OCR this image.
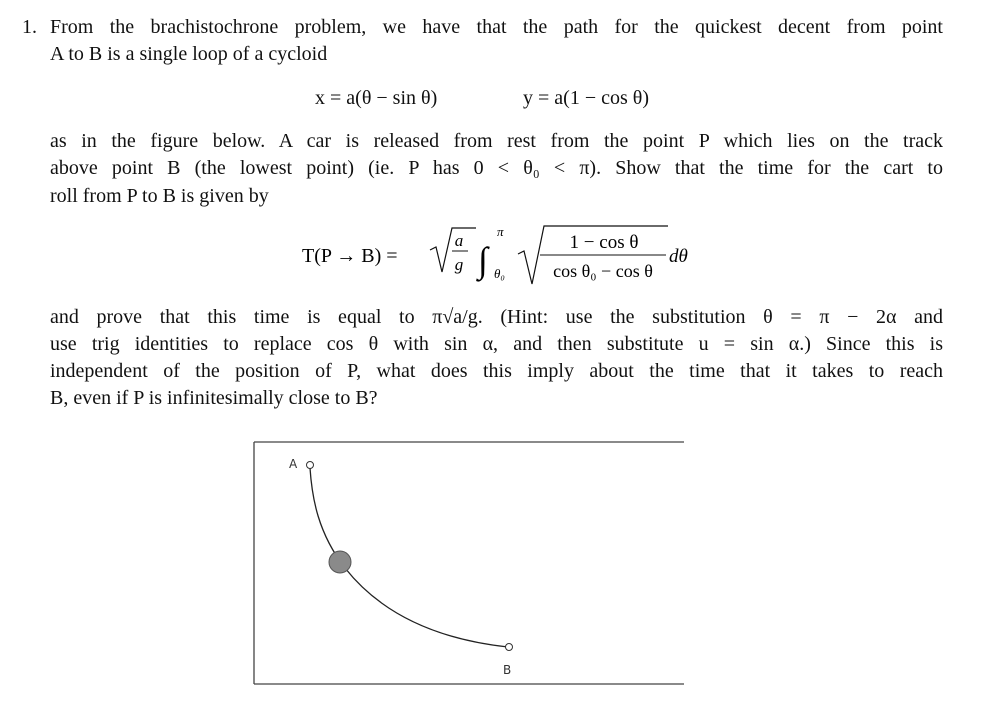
1. From the brachistochrone problem, we have that the path for the quickest decent from point
A to B is a single loop of a cycloid
x = a(θ − sin θ)	y = a(1 − cos θ)
as in the figure below. A car is released from rest from the point P which lies on the track
above point B (the lowest point) (ie. P has 0 < θ₀ < π). Show that the time for the cart to
roll from P to B is given by
T(P → B) =
a
g ∫
π
θ₀
1 − cos θ
cos θ₀ − cos θ
dθ
and prove that this time is equal to π√a/g. (Hint: use the substitution θ = π − 2α and
use trig identities to replace cos θ with sin α, and then substitute u = sin α.) Since this is
independent of the position of P, what does this imply about the time that it takes to reach
B, even if P is infinitesimally close to B?
A
B
